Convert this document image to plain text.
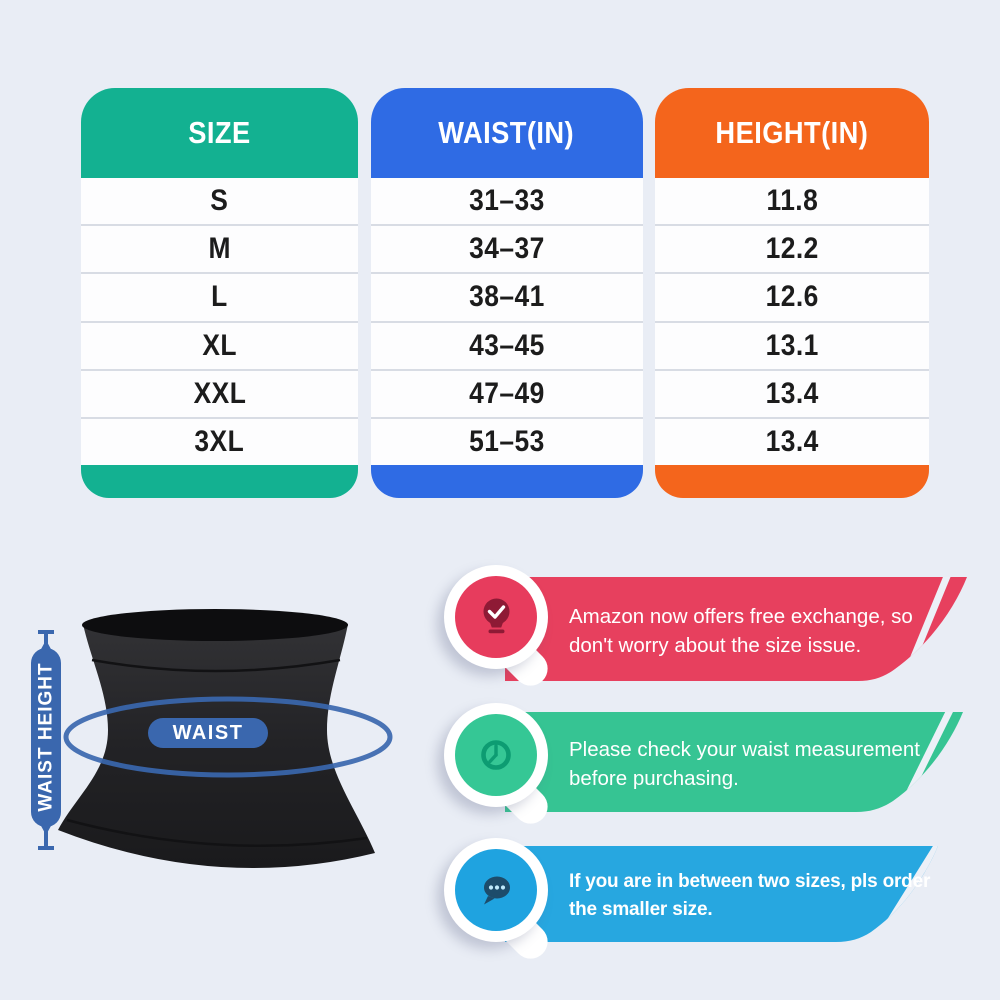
SIZE
S
M
L
XL
XXL
3XL
WAIST(IN)
31–33
34–37
38–41
43–45
47–49
51–53
HEIGHT(IN)
11.8
12.2
12.6
13.1
13.4
13.4
WAIST
WAIST HEIGHT
Amazon now offers free exchange, so
don't worry about the size issue.
Please check your waist measurement
before purchasing.
If you are in between two sizes, pls order
the smaller size.
